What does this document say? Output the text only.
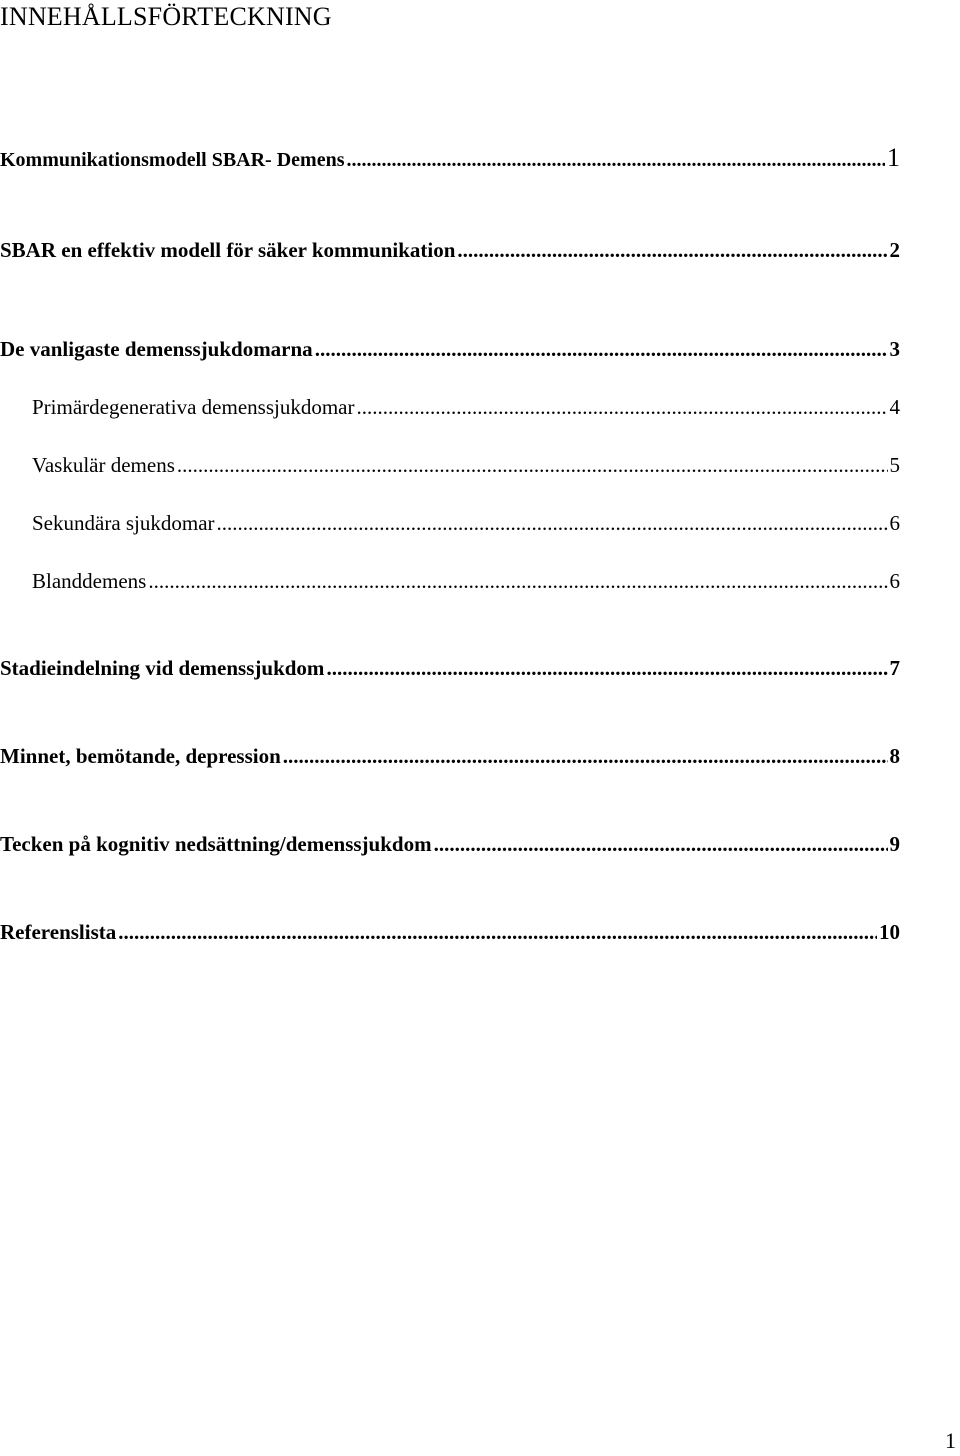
INNEHÅLLSFÖRTECKNING
Kommunikationsmodell SBAR- Demens .....	1
SBAR en effektiv modell för säker kommunikation .....	2
De vanligaste demenssjukdomarna .....	3
Primärdegenerativa demenssjukdomar .....	4
Vaskulär demens .....	5
Sekundära sjukdomar .....	6
Blanddemens .....	6
Stadieindelning vid demenssjukdom .....	7
Minnet, bemötande, depression .....	8
Tecken på kognitiv nedsättning/demenssjukdom .....	9
Referenslista .....	10
1
